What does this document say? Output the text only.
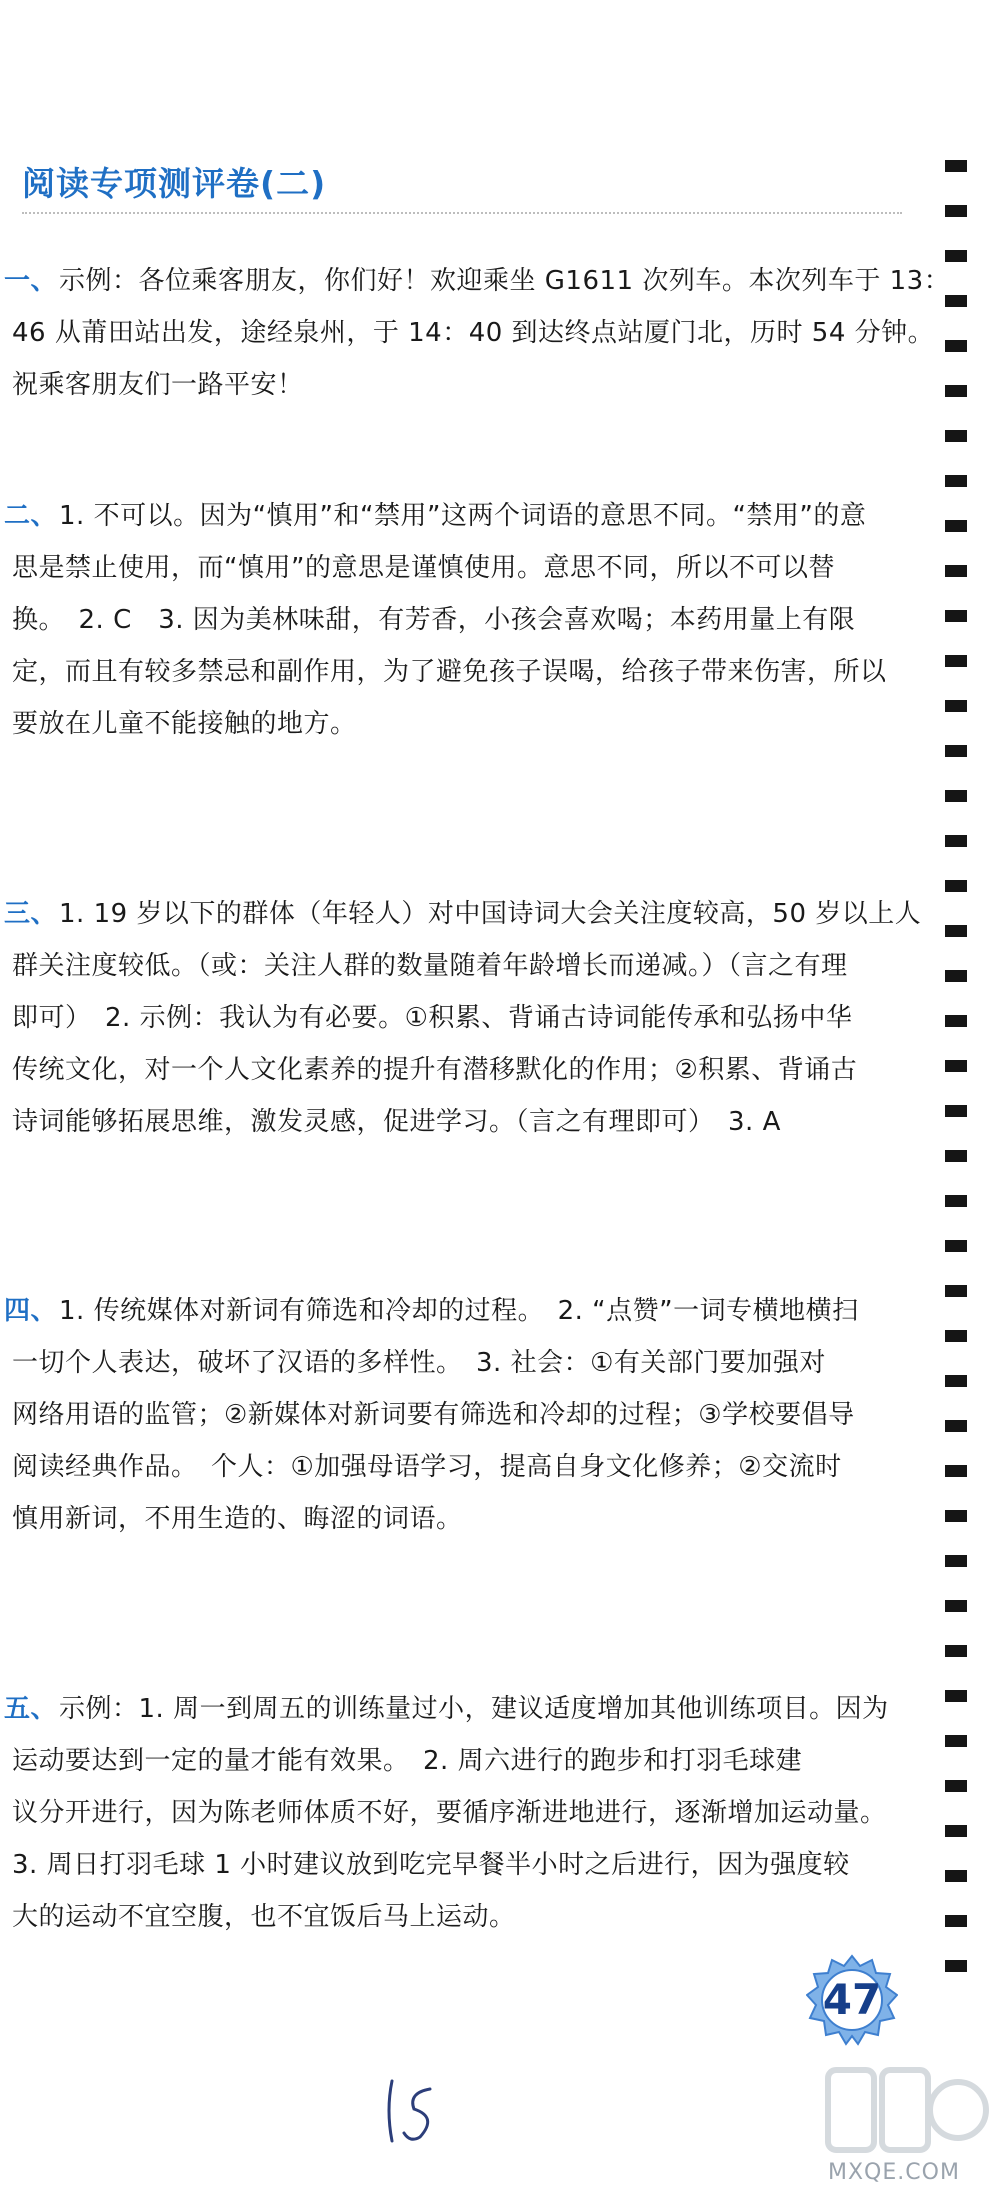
阅读专项测评卷(二)
一、示例：各位乘客朋友，你们好！欢迎乘坐 G1611 次列车。本次列车于 13：
46 从莆田站出发，途经泉州，于 14：40 到达终点站厦门北，历时 54 分钟。
祝乘客朋友们一路平安！
二、1. 不可以。因为“慎用”和“禁用”这两个词语的意思不同。“禁用”的意
思是禁止使用，而“慎用”的意思是谨慎使用。意思不同，所以不可以替
换。　2. C　3. 因为美林味甜，有芳香，小孩会喜欢喝；本药用量上有限
定，而且有较多禁忌和副作用，为了避免孩子误喝，给孩子带来伤害，所以
要放在儿童不能接触的地方。
三、1. 19 岁以下的群体（年轻人）对中国诗词大会关注度较高，50 岁以上人
群关注度较低。（或：关注人群的数量随着年龄增长而递减。）（言之有理
即可）　2. 示例：我认为有必要。①积累、背诵古诗词能传承和弘扬中华
传统文化，对一个人文化素养的提升有潜移默化的作用；②积累、背诵古
诗词能够拓展思维，激发灵感，促进学习。（言之有理即可）　3. A
四、1. 传统媒体对新词有筛选和冷却的过程。　2. “点赞”一词专横地横扫
一切个人表达，破坏了汉语的多样性。　3. 社会：①有关部门要加强对
网络用语的监管；②新媒体对新词要有筛选和冷却的过程；③学校要倡导
阅读经典作品。　个人：①加强母语学习，提高自身文化修养；②交流时
慎用新词，不用生造的、晦涩的词语。
五、示例：1. 周一到周五的训练量过小，建议适度增加其他训练项目。因为
运动要达到一定的量才能有效果。　2. 周六进行的跑步和打羽毛球建
议分开进行，因为陈老师体质不好，要循序渐进地进行，逐渐增加运动量。
3. 周日打羽毛球 1 小时建议放到吃完早餐半小时之后进行，因为强度较
大的运动不宜空腹，也不宜饭后马上运动。
47
MXQE.COM
